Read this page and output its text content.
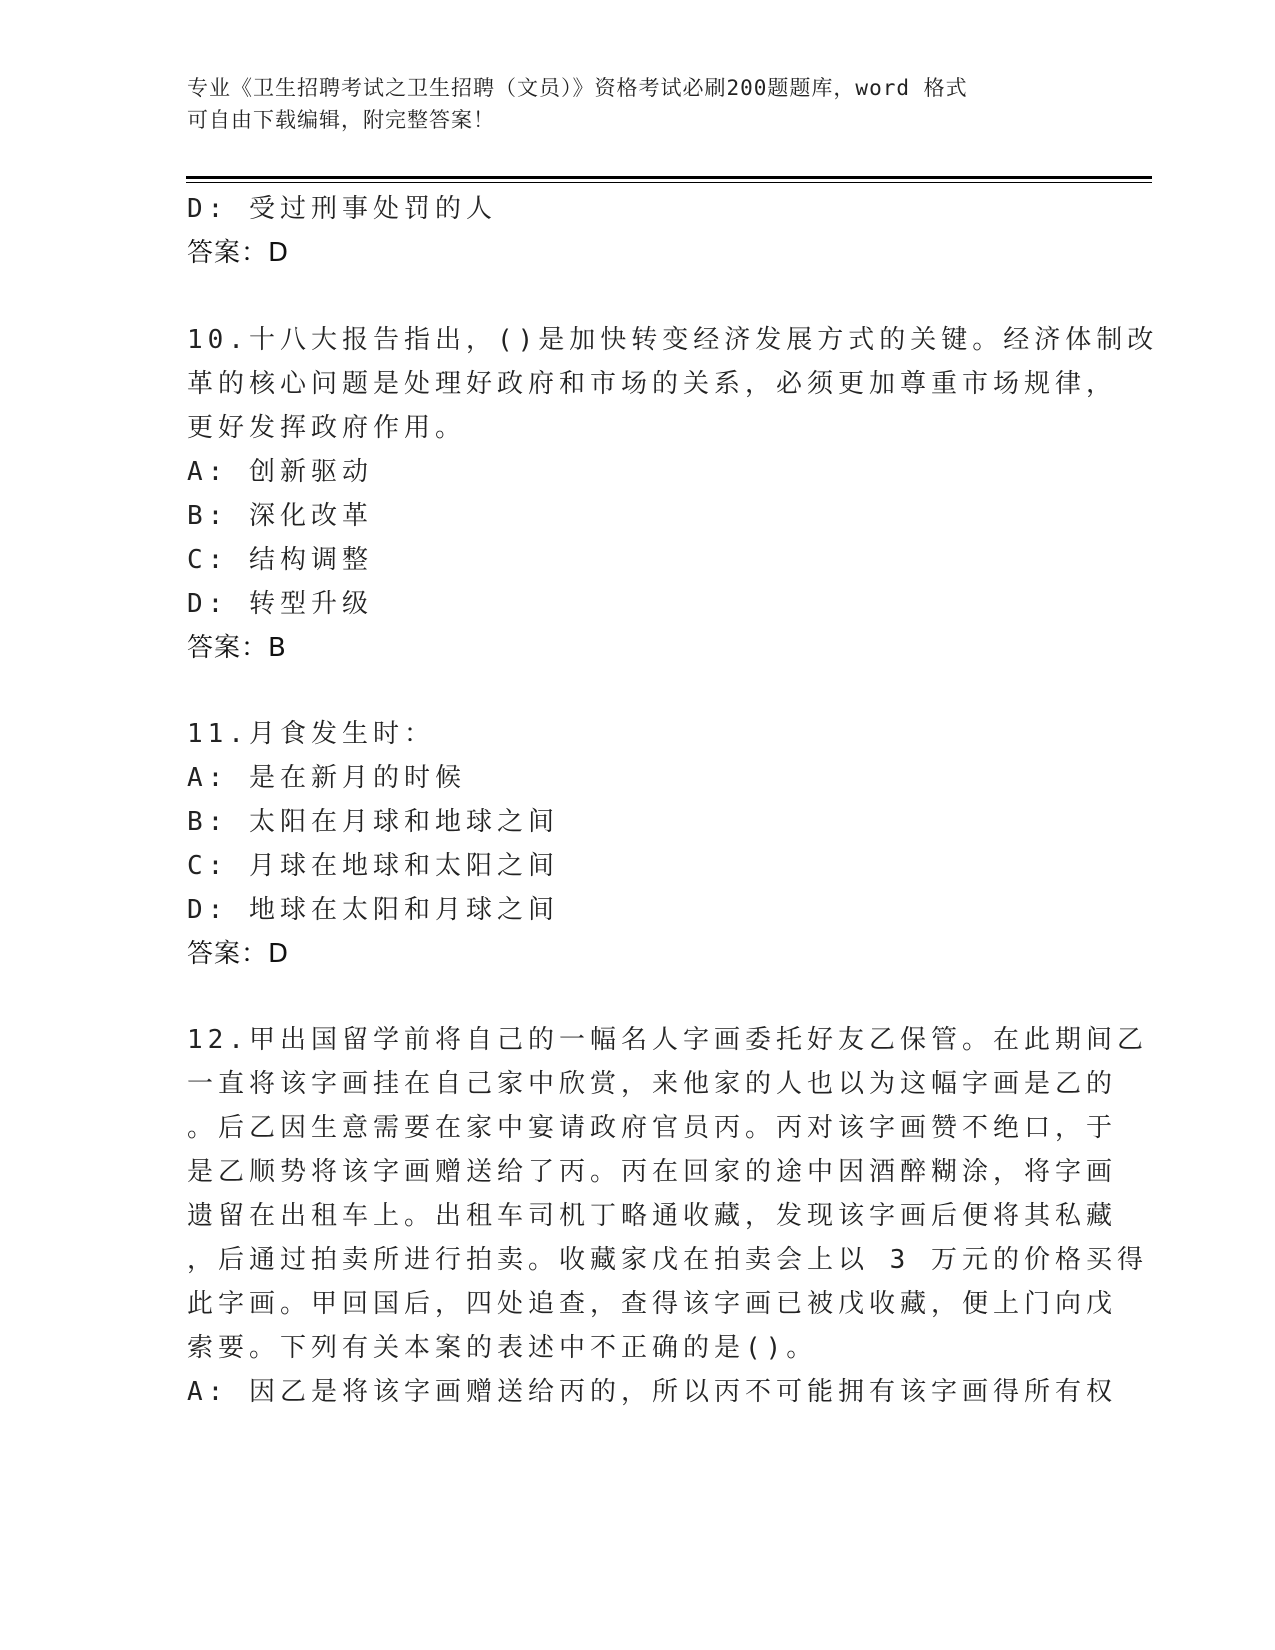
专业《卫生招聘考试之卫生招聘（文员）》资格考试必刷200题题库，word 格式
可自由下载编辑，附完整答案！

D: 受过刑事处罚的人

答案：D

10.十八大报告指出，()是加快转变经济发展方式的关键。经济体制改

革的核心问题是处理好政府和市场的关系，必须更加尊重市场规律，

更好发挥政府作用。

A: 创新驱动

B: 深化改革

C: 结构调整

D: 转型升级

答案：B

11.月食发生时：

A: 是在新月的时候

B: 太阳在月球和地球之间

C: 月球在地球和太阳之间

D: 地球在太阳和月球之间

答案：D

12.甲出国留学前将自己的一幅名人字画委托好友乙保管。在此期间乙

一直将该字画挂在自己家中欣赏，来他家的人也以为这幅字画是乙的

。后乙因生意需要在家中宴请政府官员丙。丙对该字画赞不绝口，于

是乙顺势将该字画赠送给了丙。丙在回家的途中因酒醉糊涂，将字画

遗留在出租车上。出租车司机丁略通收藏，发现该字画后便将其私藏

，后通过拍卖所进行拍卖。收藏家戊在拍卖会上以 3 万元的价格买得

此字画。甲回国后，四处追查，查得该字画已被戊收藏，便上门向戊

索要。下列有关本案的表述中不正确的是()。

A: 因乙是将该字画赠送给丙的，所以丙不可能拥有该字画得所有权
